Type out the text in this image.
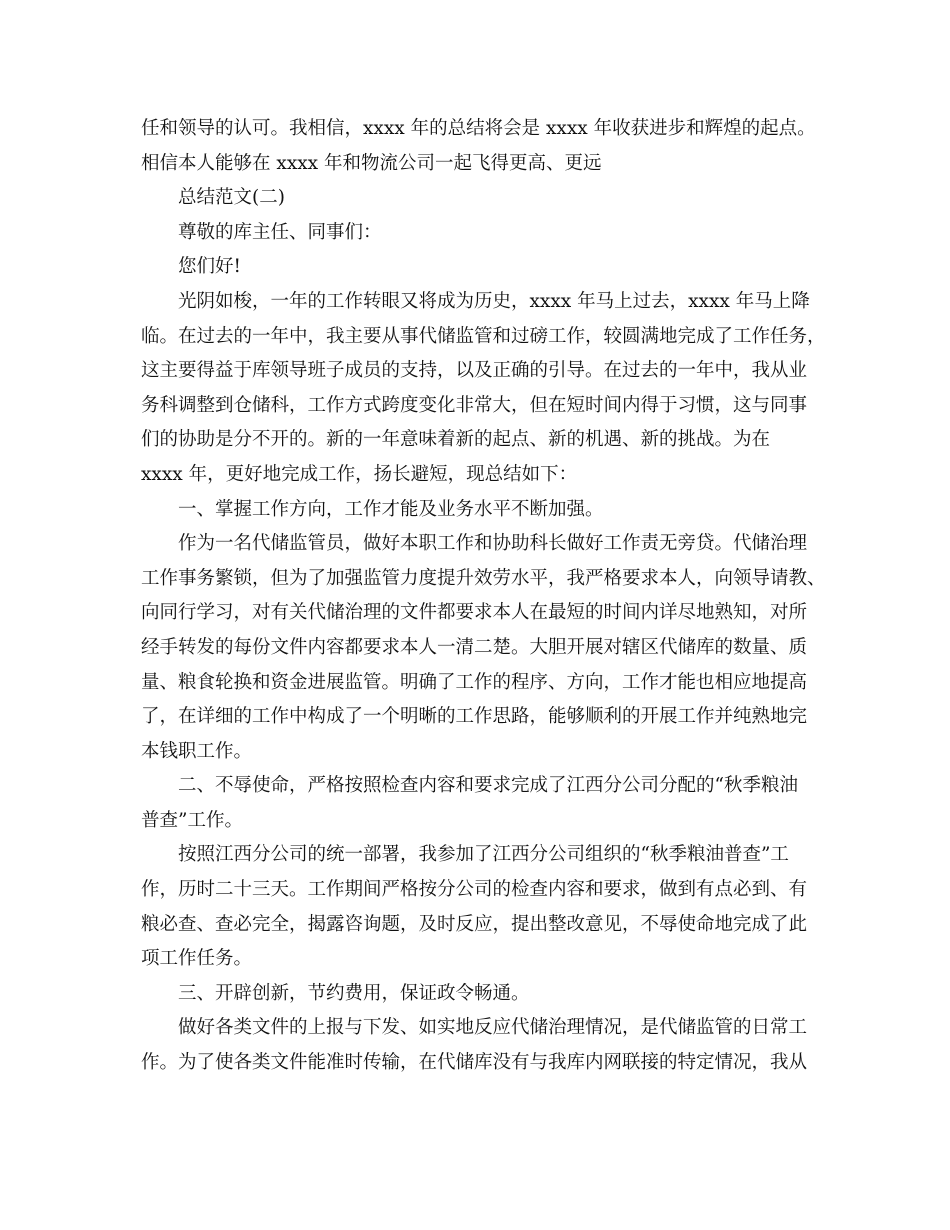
任和领导的认可。我相信，xxxx 年的总结将会是 xxxx 年收获进步和辉煌的起点。
相信本人能够在 xxxx 年和物流公司一起飞得更高、更远
总结范文(二)
尊敬的库主任、同事们：
您们好!
光阴如梭，一年的工作转眼又将成为历史，xxxx 年马上过去，xxxx 年马上降
临。在过去的一年中，我主要从事代储监管和过磅工作，较圆满地完成了工作任务，
这主要得益于库领导班子成员的支持，以及正确的引导。在过去的一年中，我从业
务科调整到仓储科，工作方式跨度变化非常大，但在短时间内得于习惯，这与同事
们的协助是分不开的。新的一年意味着新的起点、新的机遇、新的挑战。为在
xxxx 年，更好地完成工作，扬长避短，现总结如下：
一、掌握工作方向，工作才能及业务水平不断加强。
作为一名代储监管员，做好本职工作和协助科长做好工作责无旁贷。代储治理
工作事务繁锁，但为了加强监管力度提升效劳水平，我严格要求本人，向领导请教、
向同行学习，对有关代储治理的文件都要求本人在最短的时间内详尽地熟知，对所
经手转发的每份文件内容都要求本人一清二楚。大胆开展对辖区代储库的数量、质
量、粮食轮换和资金进展监管。明确了工作的程序、方向，工作才能也相应地提高
了，在详细的工作中构成了一个明晰的工作思路，能够顺利的开展工作并纯熟地完
本钱职工作。
二、不辱使命，严格按照检查内容和要求完成了江西分公司分配的“秋季粮油
普查”工作。
按照江西分公司的统一部署，我参加了江西分公司组织的“秋季粮油普查”工
作，历时二十三天。工作期间严格按分公司的检查内容和要求，做到有点必到、有
粮必查、查必完全，揭露咨询题，及时反应，提出整改意见，不辱使命地完成了此
项工作任务。
三、开辟创新，节约费用，保证政令畅通。
做好各类文件的上报与下发、如实地反应代储治理情况，是代储监管的日常工
作。为了使各类文件能准时传输，在代储库没有与我库内网联接的特定情况，我从
